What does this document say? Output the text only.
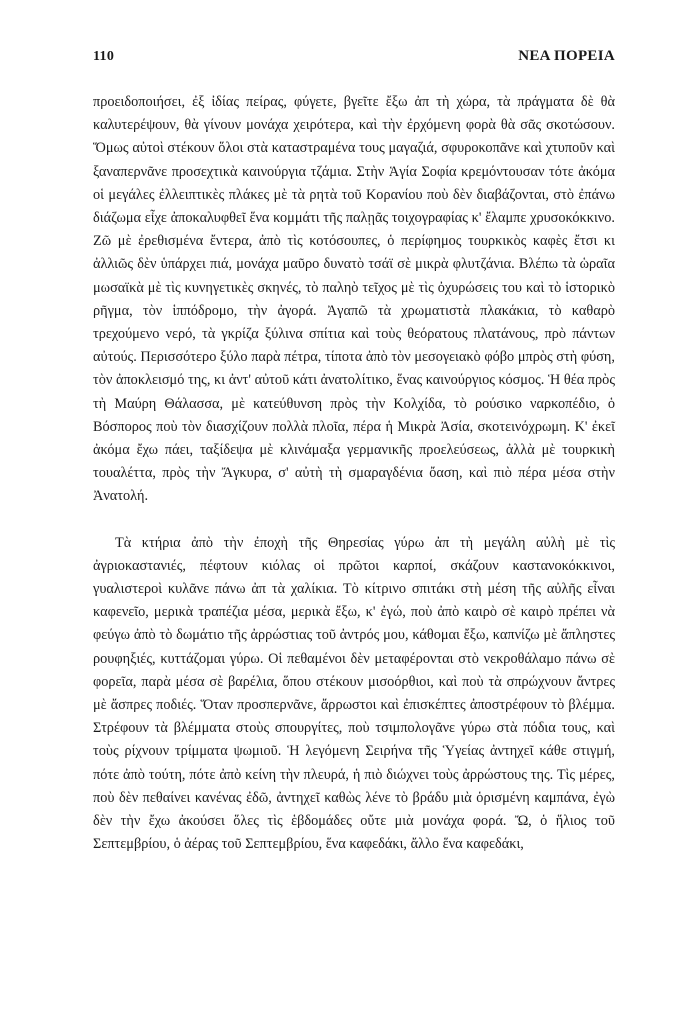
110	ΝΕΑ ΠΟΡΕΙΑ

προειδοποιήσει, ἐξ ἰδίας πείρας, φύγετε, βγεῖτε ἔξω ἀπ τὴ χώρα, τὰ πράγματα δὲ θὰ καλυτερέψουν, θὰ γίνουν μονάχα χειρότερα, καὶ τὴν ἐρχόμενη φορὰ θὰ σᾶς σκοτώσουν. Ὅμως αὐτοὶ στέκουν ὅλοι στὰ καταστραμένα τους μαγαζιά, σφυροκοπᾶνε καὶ χτυποῦν καὶ ξαναπερνᾶνε προσεχτικὰ καινούργια τζάμια. Στὴν Ἁγία Σοφία κρεμόντουσαν τότε ἀκόμα οἱ μεγάλες ἐλλειπτικὲς πλάκες μὲ τὰ ρητὰ τοῦ Κορανίου ποὺ δὲν διαβάζονται, στὸ ἐπάνω διάζωμα εἶχε ἀποκαλυφθεῖ ἕνα κομμάτι τῆς παλῃᾶς τοιχογραφίας κ' ἔλαμπε χρυσοκόκκινο. Ζῶ μὲ ἐρεθισμένα ἔντερα, ἀπὸ τὶς κοτόσουπες, ὁ περίφημος τουρκικὸς καφὲς ἔτσι κι ἀλλιῶς δὲν ὑπάρχει πιά, μονάχα μαῦρο δυνατὸ τσάϊ σὲ μικρὰ φλυτζάνια. Βλέπω τὰ ὡραῖα μωσαϊκὰ μὲ τὶς κυνηγετικὲς σκηνές, τὸ παληὸ τεῖχος μὲ τὶς ὀχυρώσεις του καὶ τὸ ἱστορικὸ ρῆγμα, τὸν ἱππόδρομο, τὴν ἀγορά. Ἀγαπῶ τὰ χρωματιστὰ πλακάκια, τὸ καθαρὸ τρεχούμενο νερό, τὰ γκρίζα ξύλινα σπίτια καὶ τοὺς θεόρατους πλατάνους, πρὸ πάντων αὐτούς. Περισσότερο ξύλο παρὰ πέτρα, τίποτα ἀπὸ τὸν μεσογειακὸ φόβο μπρὸς στὴ φύση, τὸν ἀποκλεισμό της, κι ἀντ' αὐτοῦ κάτι ἀνατολίτικο, ἕνας καινούργιος κόσμος. Ἡ θέα πρὸς τὴ Μαύρη Θάλασσα, μὲ κατεύθυνση πρὸς τὴν Κολχίδα, τὸ ρούσικο ναρκοπέδιο, ὁ Βόσπορος ποὺ τὸν διασχίζουν πολλὰ πλοῖα, πέρα ἡ Μικρὰ Ἀσία, σκοτεινόχρωμη. Κ' ἐκεῖ ἀκόμα ἔχω πάει, ταξίδεψα μὲ κλινάμαξα γερμανικῆς προελεύσεως, ἀλλὰ μὲ τουρκικὴ τουαλέττα, πρὸς τὴν Ἄγκυρα, σ' αὐτὴ τὴ σμαραγδένια ὄαση, καὶ πιὸ πέρα μέσα στὴν Ἀνατολή.

Τὰ κτήρια ἀπὸ τὴν ἐποχὴ τῆς Θηρεσίας γύρω ἀπ τὴ μεγάλη αὐλὴ μὲ τὶς ἀγριοκαστανιές, πέφτουν κιόλας οἱ πρῶτοι καρποί, σκάζουν καστανοκόκκινοι, γυαλιστεροὶ κυλᾶνε πάνω ἀπ τὰ χαλίκια. Τὸ κίτρινο σπιτάκι στὴ μέση τῆς αὐλῆς εἶναι καφενεῖο, μερικὰ τραπέζια μέσα, μερικὰ ἔξω, κ' ἐγώ, ποὺ ἀπὸ καιρὸ σὲ καιρὸ πρέπει νὰ φεύγω ἀπὸ τὸ δωμάτιο τῆς ἀρρώστιας τοῦ ἀντρός μου, κάθομαι ἔξω, καπνίζω μὲ ἄπληστες ρουφηξιές, κυττάζομαι γύρω. Οἱ πεθαμένοι δὲν μεταφέρονται στὸ νεκροθάλαμο πάνω σὲ φορεῖα, παρὰ μέσα σὲ βαρέλια, ὅπου στέκουν μισοόρθιοι, καὶ ποὺ τὰ σπρώχνουν ἄντρες μὲ ἄσπρες ποδιές. Ὅταν προσπερνᾶνε, ἄρρωστοι καὶ ἐπισκέπτες ἀποστρέφουν τὸ βλέμμα. Στρέφουν τὰ βλέμματα στοὺς σπουργίτες, ποὺ τσιμπολογᾶνε γύρω στὰ πόδια τους, καὶ τοὺς ρίχνουν τρίμματα ψωμιοῦ. Ἡ λεγόμενη Σειρήνα τῆς Ὑγείας ἀντηχεῖ κάθε στιγμή, πότε ἀπὸ τούτη, πότε ἀπὸ κείνη τὴν πλευρά, ἡ πιὸ διώχνει τοὺς ἀρρώστους της. Τὶς μέρες, ποὺ δὲν πεθαίνει κανένας ἐδῶ, ἀντηχεῖ καθὼς λένε τὸ βράδυ μιὰ ὁρισμένη καμπάνα, ἐγὼ δὲν τὴν ἔχω ἀκούσει ὅλες τὶς ἑβδομάδες οὔτε μιὰ μονάχα φορά. Ὤ, ὁ ἥλιος τοῦ Σεπτεμβρίου, ὁ ἀέρας τοῦ Σεπτεμβρίου, ἕνα καφεδάκι, ἄλλο ἕνα καφεδάκι,
